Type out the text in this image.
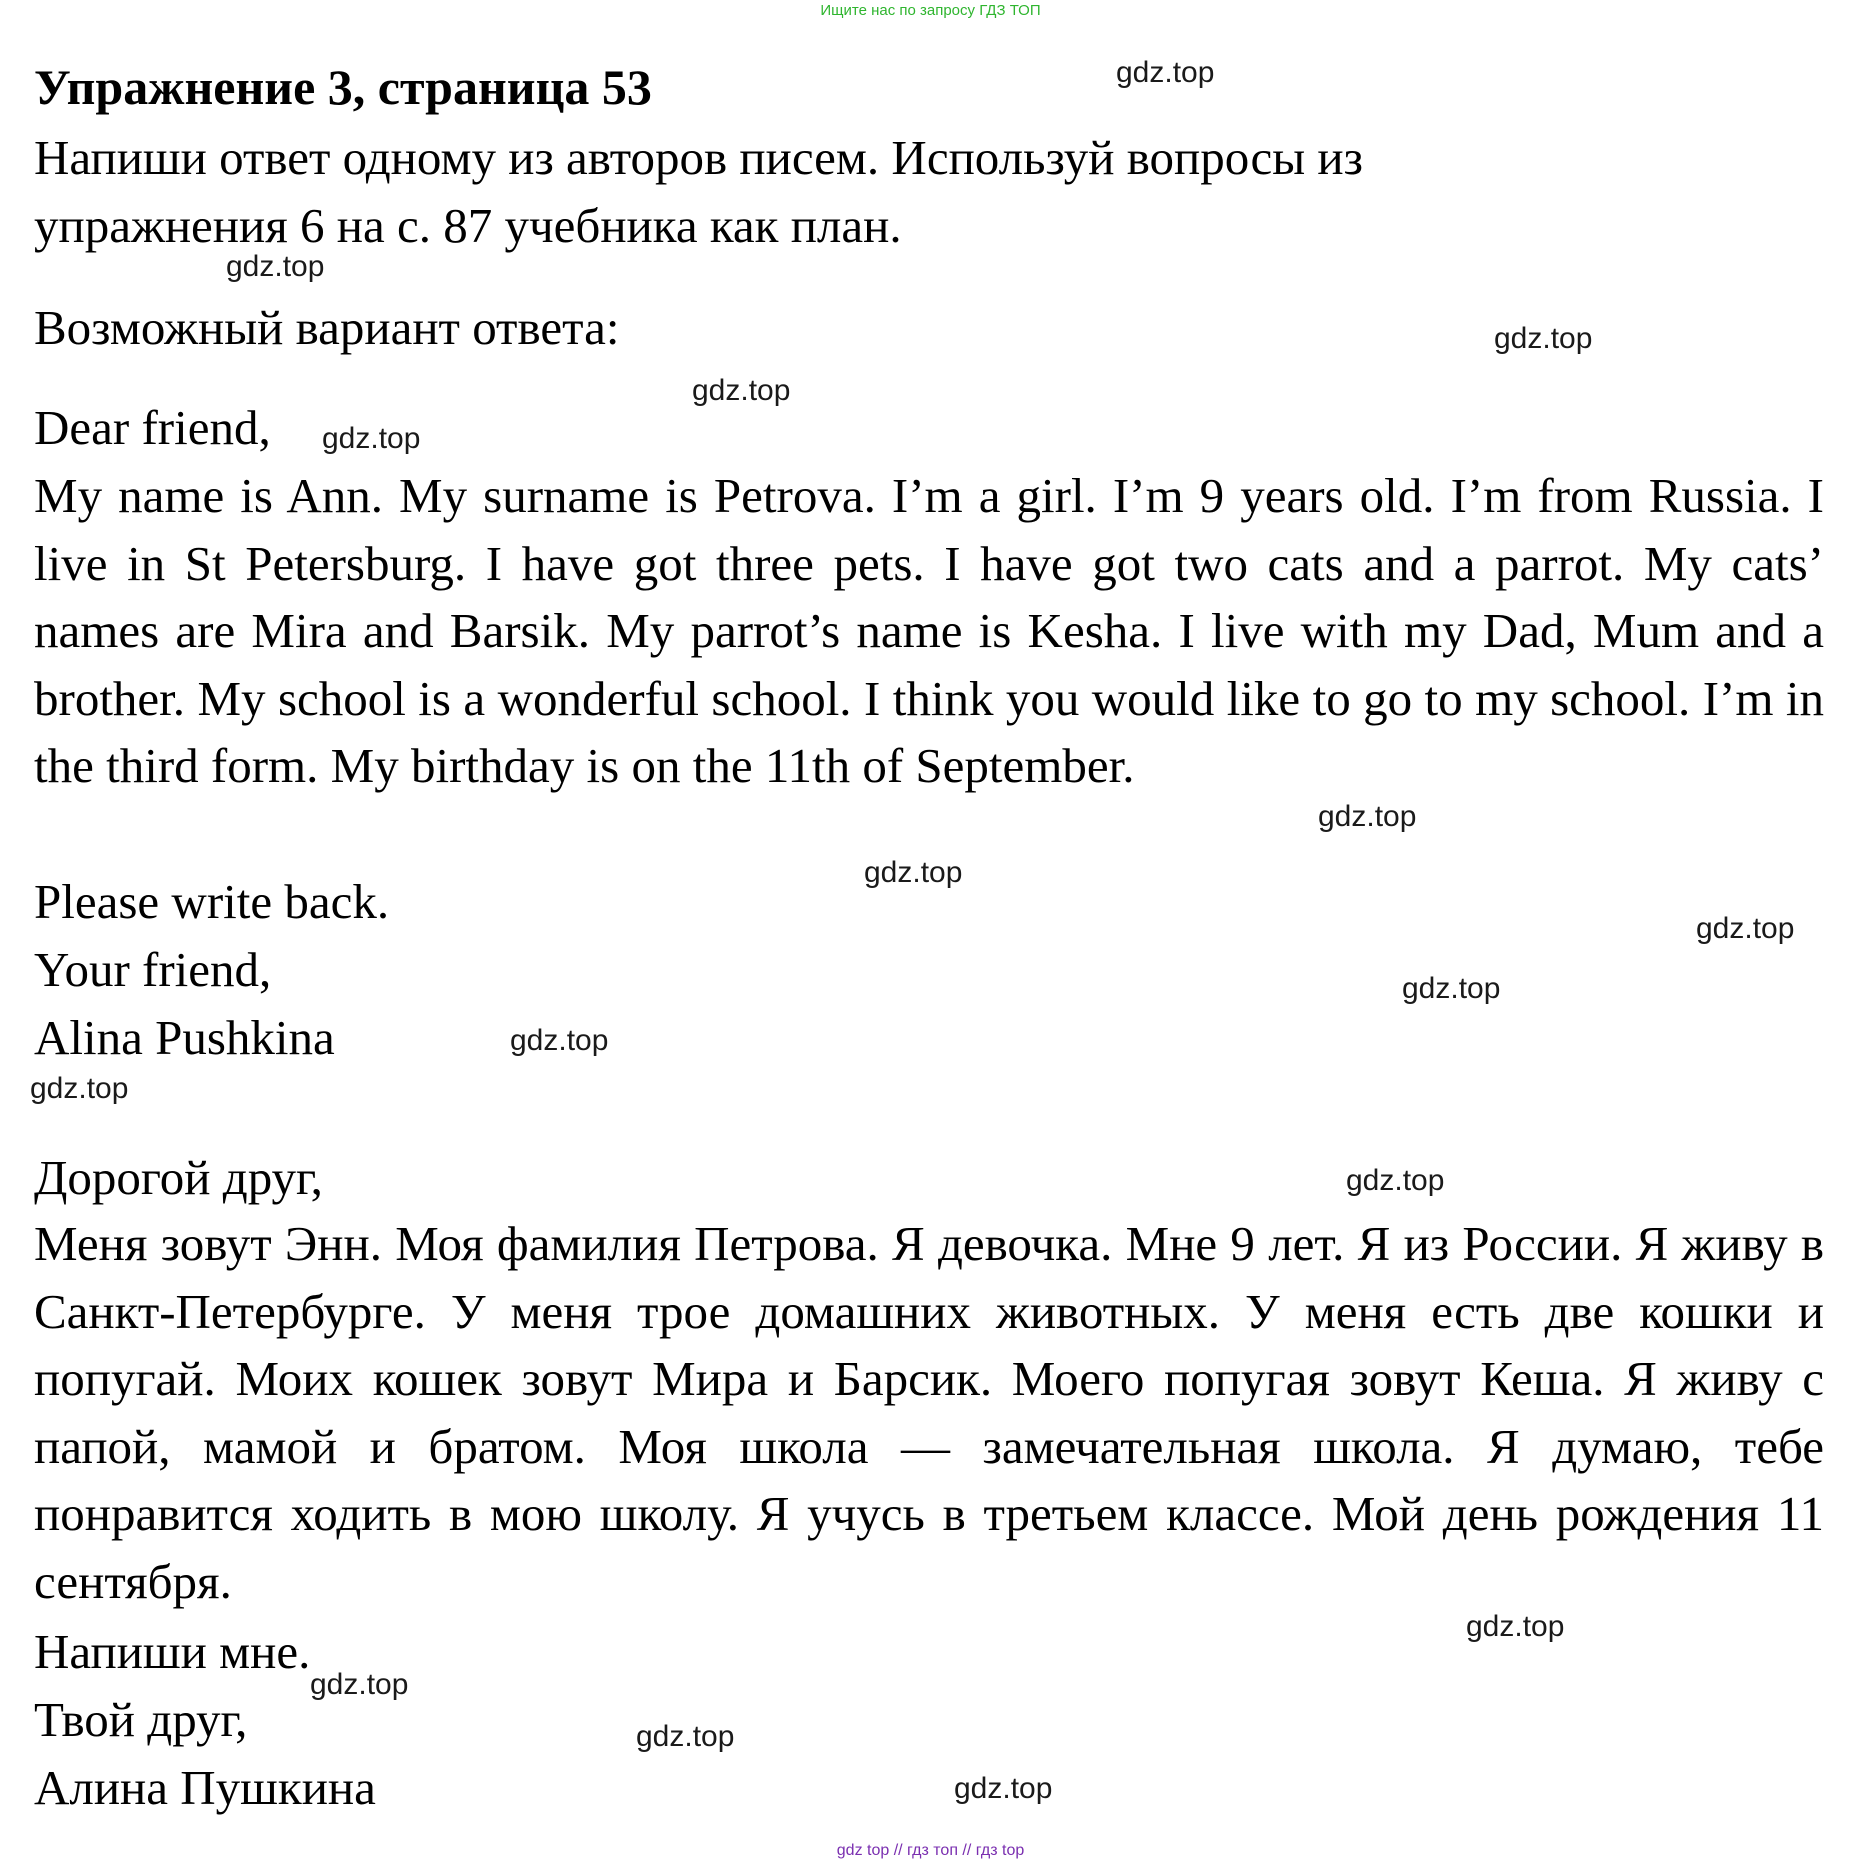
Ищите нас по запросу ГДЗ ТОП
Упражнение 3, страница 53
Напиши ответ одному из авторов писем. Используй вопросы из
упражнения 6 на с. 87 учебника как план.
Возможный вариант ответа:
Dear friend,
My name is Ann. My surname is Petrova. I’m a girl. I’m 9 years old. I’m from Russia. I live in St Petersburg. I have got three pets. I have got two cats and a parrot. My cats’ names are Mira and Barsik. My parrot’s name is Kesha. I live with my Dad, Mum and a brother. My school is a wonderful school. I think you would like to go to my school. I’m in the third form. My birthday is on the 11th of September.
Please write back.
Your friend,
Alina Pushkina
Дорогой друг,
Меня зовут Энн. Моя фамилия Петрова. Я девочка. Мне 9 лет. Я из России. Я живу в Санкт-Петербурге. У меня трое домашних животных. У меня есть две кошки и попугай. Моих кошек зовут Мира и Барсик. Моего попугая зовут Кеша. Я живу с папой, мамой и братом. Моя школа — замечательная школа. Я думаю, тебе понравится ходить в мою школу. Я учусь в третьем классе. Мой день рождения 11 сентября.
Напиши мне.
Твой друг,
Алина Пушкина
gdz.top
gdz.top
gdz.top
gdz.top
gdz.top
gdz.top
gdz.top
gdz.top
gdz.top
gdz.top
gdz.top
gdz.top
gdz.top
gdz.top
gdz.top
gdz.top
gdz top // гдз топ // гдз top
